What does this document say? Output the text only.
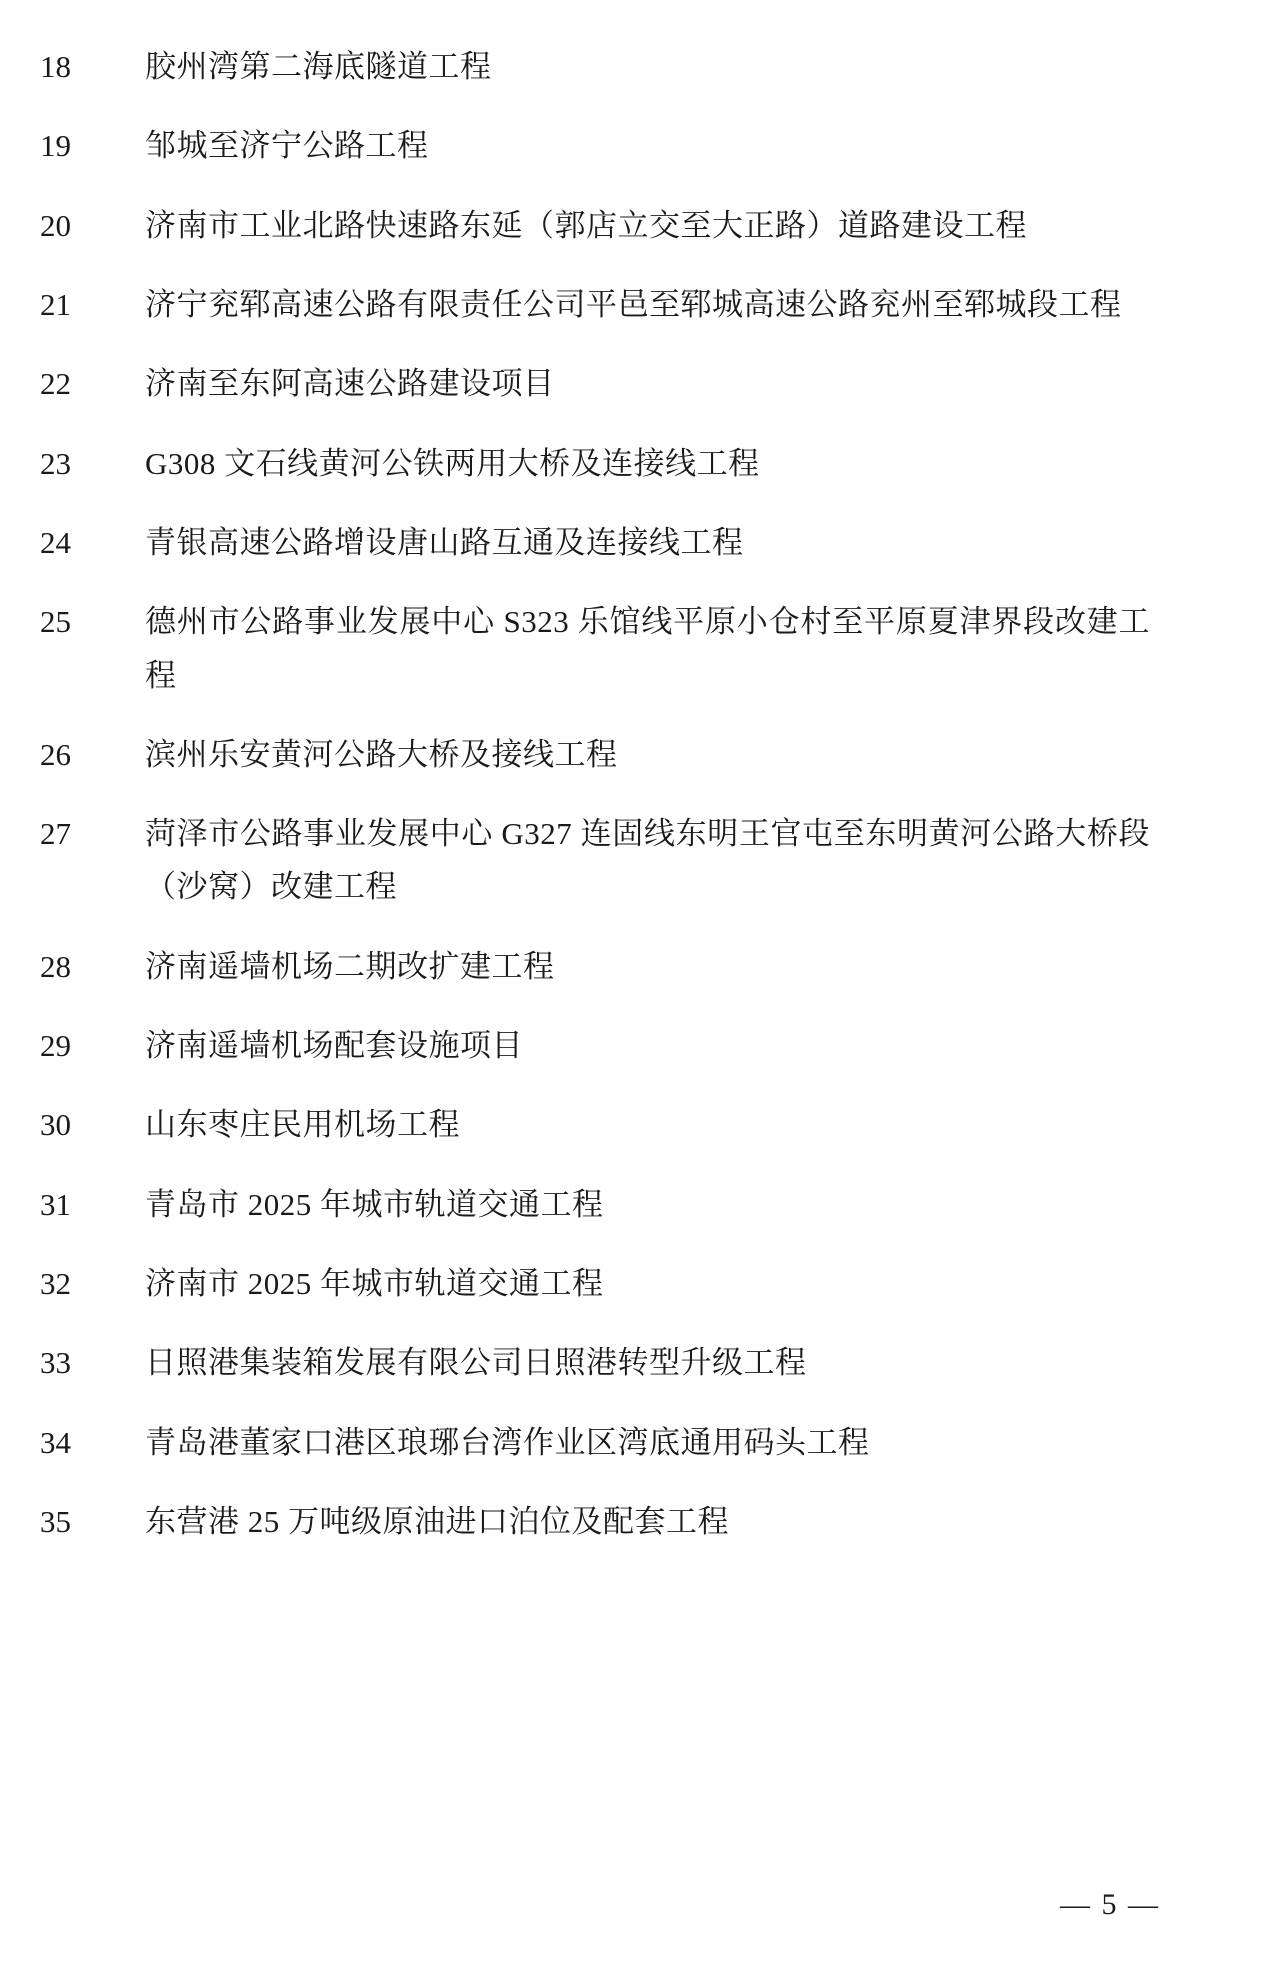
18	胶州湾第二海底隧道工程
19	邹城至济宁公路工程
20	济南市工业北路快速路东延（郭店立交至大正路）道路建设工程
21	济宁兖郓高速公路有限责任公司平邑至郓城高速公路兖州至郓城段工程
22	济南至东阿高速公路建设项目
23	G308 文石线黄河公铁两用大桥及连接线工程
24	青银高速公路增设唐山路互通及连接线工程
25	德州市公路事业发展中心 S323 乐馆线平原小仓村至平原夏津界段改建工程
26	滨州乐安黄河公路大桥及接线工程
27	菏泽市公路事业发展中心 G327 连固线东明王官屯至东明黄河公路大桥段（沙窝）改建工程
28	济南遥墙机场二期改扩建工程
29	济南遥墙机场配套设施项目
30	山东枣庄民用机场工程
31	青岛市 2025 年城市轨道交通工程
32	济南市 2025 年城市轨道交通工程
33	日照港集装箱发展有限公司日照港转型升级工程
34	青岛港董家口港区琅琊台湾作业区湾底通用码头工程
35	东营港 25 万吨级原油进口泊位及配套工程
— 5 —
